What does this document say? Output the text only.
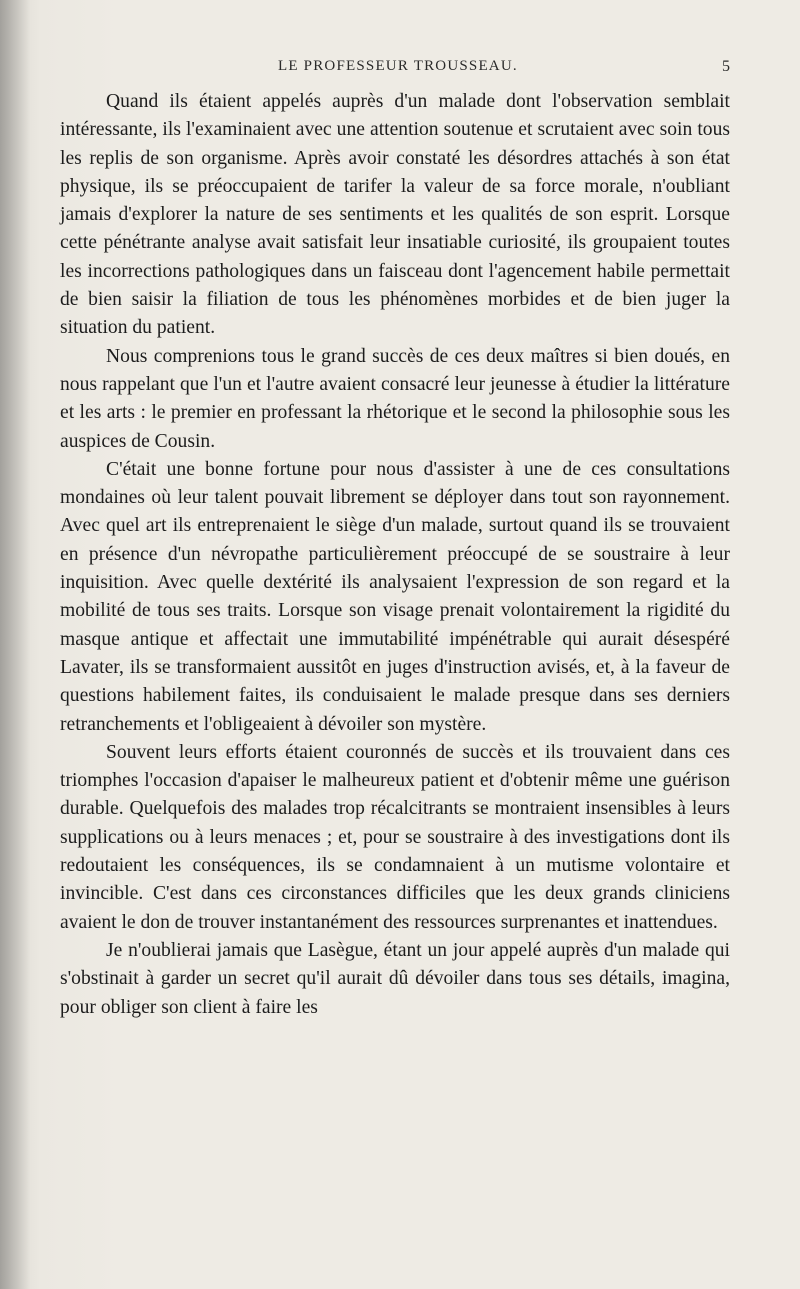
LE PROFESSEUR TROUSSEAU.	5

Quand ils étaient appelés auprès d'un malade dont l'observation semblait intéressante, ils l'examinaient avec une attention soutenue et scrutaient avec soin tous les replis de son organisme. Après avoir constaté les désordres attachés à son état physique, ils se préoccupaient de tarifer la valeur de sa force morale, n'oubliant jamais d'explorer la nature de ses sentiments et les qualités de son esprit. Lorsque cette pénétrante analyse avait satisfait leur insatiable curiosité, ils groupaient toutes les incorrections pathologiques dans un faisceau dont l'agencement habile permettait de bien saisir la filiation de tous les phénomènes morbides et de bien juger la situation du patient.

Nous comprenions tous le grand succès de ces deux maîtres si bien doués, en nous rappelant que l'un et l'autre avaient consacré leur jeunesse à étudier la littérature et les arts : le premier en professant la rhétorique et le second la philosophie sous les auspices de Cousin.

C'était une bonne fortune pour nous d'assister à une de ces consultations mondaines où leur talent pouvait librement se déployer dans tout son rayonnement. Avec quel art ils entreprenaient le siège d'un malade, surtout quand ils se trouvaient en présence d'un névropathe particulièrement préoccupé de se soustraire à leur inquisition. Avec quelle dextérité ils analysaient l'expression de son regard et la mobilité de tous ses traits. Lorsque son visage prenait volontairement la rigidité du masque antique et affectait une immutabilité impénétrable qui aurait désespéré Lavater, ils se transformaient aussitôt en juges d'instruction avisés, et, à la faveur de questions habilement faites, ils conduisaient le malade presque dans ses derniers retranchements et l'obligeaient à dévoiler son mystère.

Souvent leurs efforts étaient couronnés de succès et ils trouvaient dans ces triomphes l'occasion d'apaiser le malheureux patient et d'obtenir même une guérison durable. Quelquefois des malades trop récalcitrants se montraient insensibles à leurs supplications ou à leurs menaces ; et, pour se soustraire à des investigations dont ils redoutaient les conséquences, ils se condamnaient à un mutisme volontaire et invincible. C'est dans ces circonstances difficiles que les deux grands cliniciens avaient le don de trouver instantanément des ressources surprenantes et inattendues.

Je n'oublierai jamais que Lasègue, étant un jour appelé auprès d'un malade qui s'obstinait à garder un secret qu'il aurait dû dévoiler dans tous ses détails, imagina, pour obliger son client à faire les
